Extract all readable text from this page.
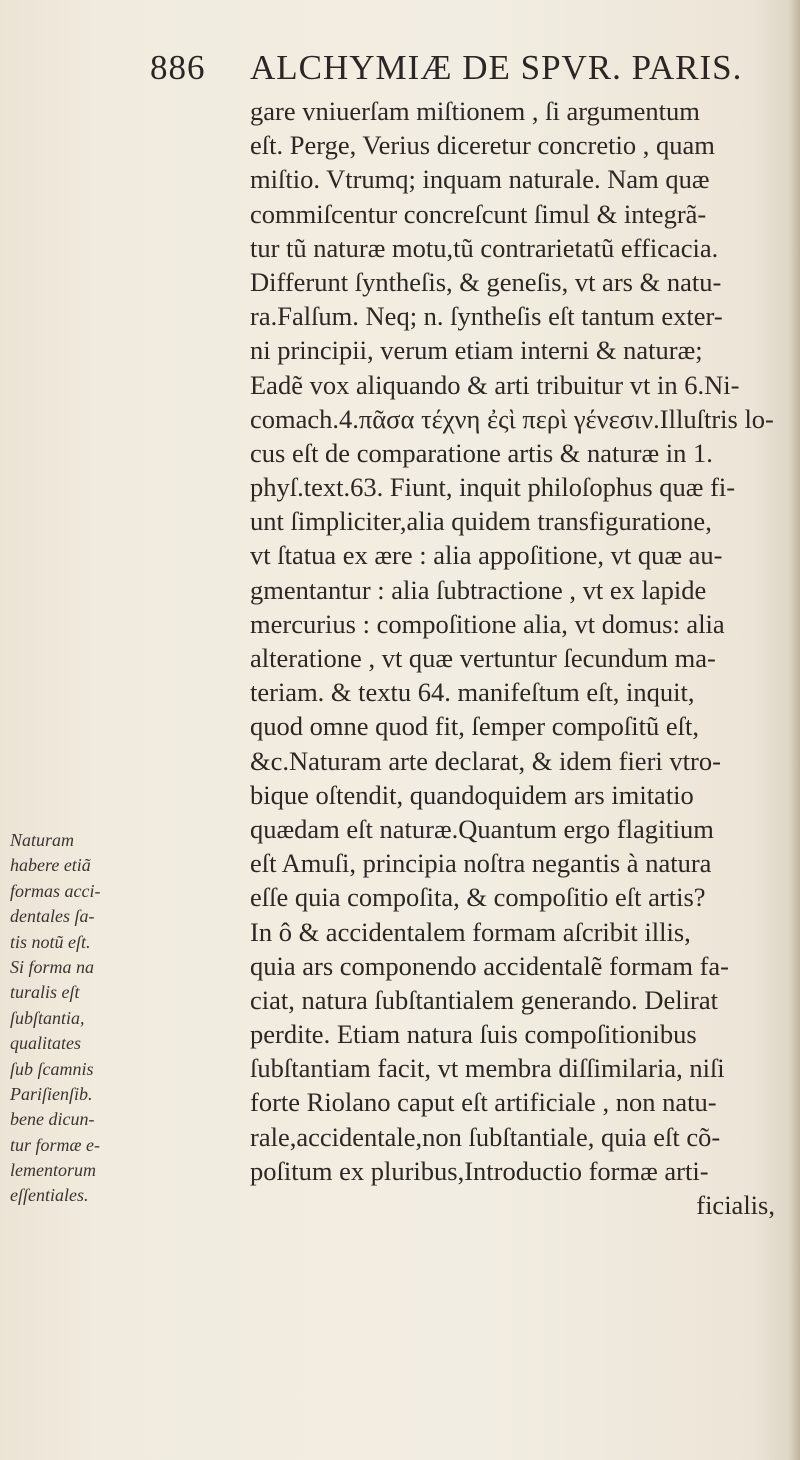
886 ALCHYMIÆ DE SPVR. PARIS.
gare vniuerſam miſtionem , ſi argumentum
eſt. Perge, Verius diceretur concretio , quam
miſtio. Vtrumq; inquam naturale. Nam quæ
commiſcentur concreſcunt ſimul & integrã-
tur tũ naturæ motu,tũ contrarietatũ efficacia.
Differunt ſyntheſis, & geneſis, vt ars & natu-
ra.Falſum. Neq; n. ſyntheſis eſt tantum exter-
ni principii, verum etiam interni & naturæ;
Eadẽ vox aliquando & arti tribuitur vt in 6.Ni-
comach.4.πᾶσα τέχνη ἐςὶ περὶ γένεσιν.Illuſtris lo-
cus eſt de comparatione artis & naturæ in 1.
phyſ.text.63. Fiunt, inquit philoſophus quæ fi-
unt ſimpliciter,alia quidem transfiguratione,
vt ſtatua ex ære : alia appoſitione, vt quæ au-
gmentantur : alia ſubtractione , vt ex lapide
mercurius : compoſitione alia, vt domus: alia
alteratione , vt quæ vertuntur ſecundum ma-
teriam. & textu 64. manifeſtum eſt, inquit,
quod omne quod fit, ſemper compoſitũ eſt,
&c.Naturam arte declarat, & idem fieri vtro-
bique oſtendit, quandoquidem ars imitatio
quædam eſt naturæ.Quantum ergo flagitium
eſt Amuſi, principia noſtra negantis à natura
eſſe quia compoſita, & compoſitio eſt artis?
In ô & accidentalem formam aſcribit illis,
quia ars componendo accidentalẽ formam fa-
ciat, natura ſubſtantialem generando. Delirat
perdite. Etiam natura ſuis compoſitionibus
ſubſtantiam facit, vt membra diſſimilaria, niſi
forte Riolano caput eſt artificiale , non natu-
rale,accidentale,non ſubſtantiale, quia eſt cõ-
poſitum ex pluribus,Introductio formæ arti-
ficialis,
Naturam
habere etiã
formas acci-
dentales ſa-
tis notũ eſt.
Si forma na
turalis eſt
ſubſtantia,
qualitates
ſub ſcamnis
Pariſienſib.
bene dicun-
tur formæ e-
lementorum
eſſentiales.
